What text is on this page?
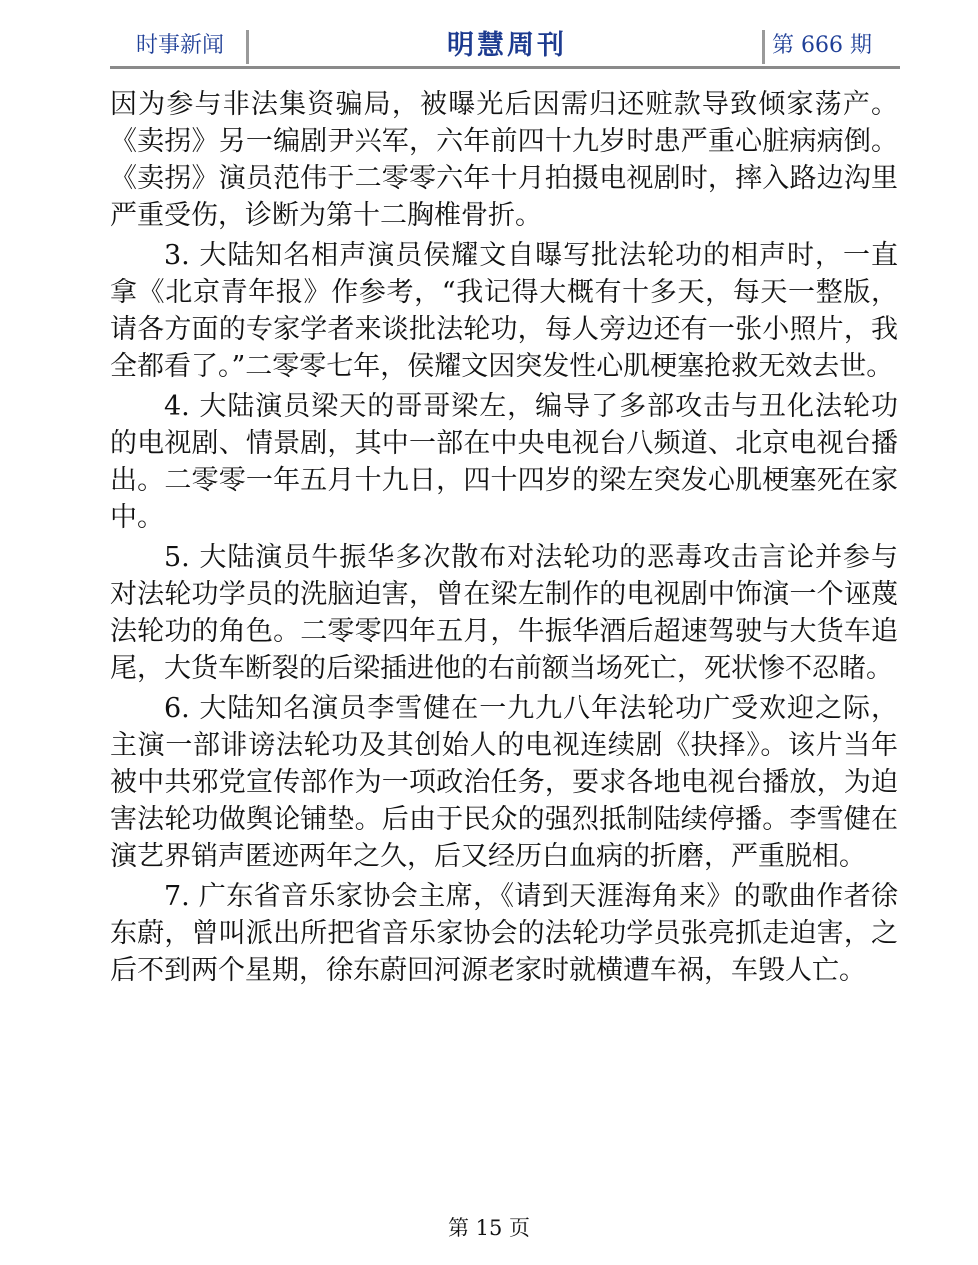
时事新闻	明慧周刊	第 666 期

因为参与非法集资骗局，被曝光后因需归还赃款导致倾家荡产。《卖拐》另一编剧尹兴军，六年前四十九岁时患严重心脏病病倒。《卖拐》演员范伟于二零零六年十月拍摄电视剧时，摔入路边沟里严重受伤，诊断为第十二胸椎骨折。

3. 大陆知名相声演员侯耀文自曝写批法轮功的相声时，一直拿《北京青年报》作参考，“我记得大概有十多天，每天一整版，请各方面的专家学者来谈批法轮功，每人旁边还有一张小照片，我全都看了。”二零零七年，侯耀文因突发性心肌梗塞抢救无效去世。

4. 大陆演员梁天的哥哥梁左，编导了多部攻击与丑化法轮功的电视剧、情景剧，其中一部在中央电视台八频道、北京电视台播出。二零零一年五月十九日，四十四岁的梁左突发心肌梗塞死在家中。

5. 大陆演员牛振华多次散布对法轮功的恶毒攻击言论并参与对法轮功学员的洗脑迫害，曾在梁左制作的电视剧中饰演一个诬蔑法轮功的角色。二零零四年五月，牛振华酒后超速驾驶与大货车追尾，大货车断裂的后梁插进他的右前额当场死亡，死状惨不忍睹。

6. 大陆知名演员李雪健在一九九八年法轮功广受欢迎之际，主演一部诽谤法轮功及其创始人的电视连续剧《抉择》。该片当年被中共邪党宣传部作为一项政治任务，要求各地电视台播放，为迫害法轮功做舆论铺垫。后由于民众的强烈抵制陆续停播。李雪健在演艺界销声匿迹两年之久，后又经历白血病的折磨，严重脱相。

7. 广东省音乐家协会主席，《请到天涯海角来》的歌曲作者徐东蔚，曾叫派出所把省音乐家协会的法轮功学员张亮抓走迫害，之后不到两个星期，徐东蔚回河源老家时就横遭车祸，车毁人亡。

第 15 页
